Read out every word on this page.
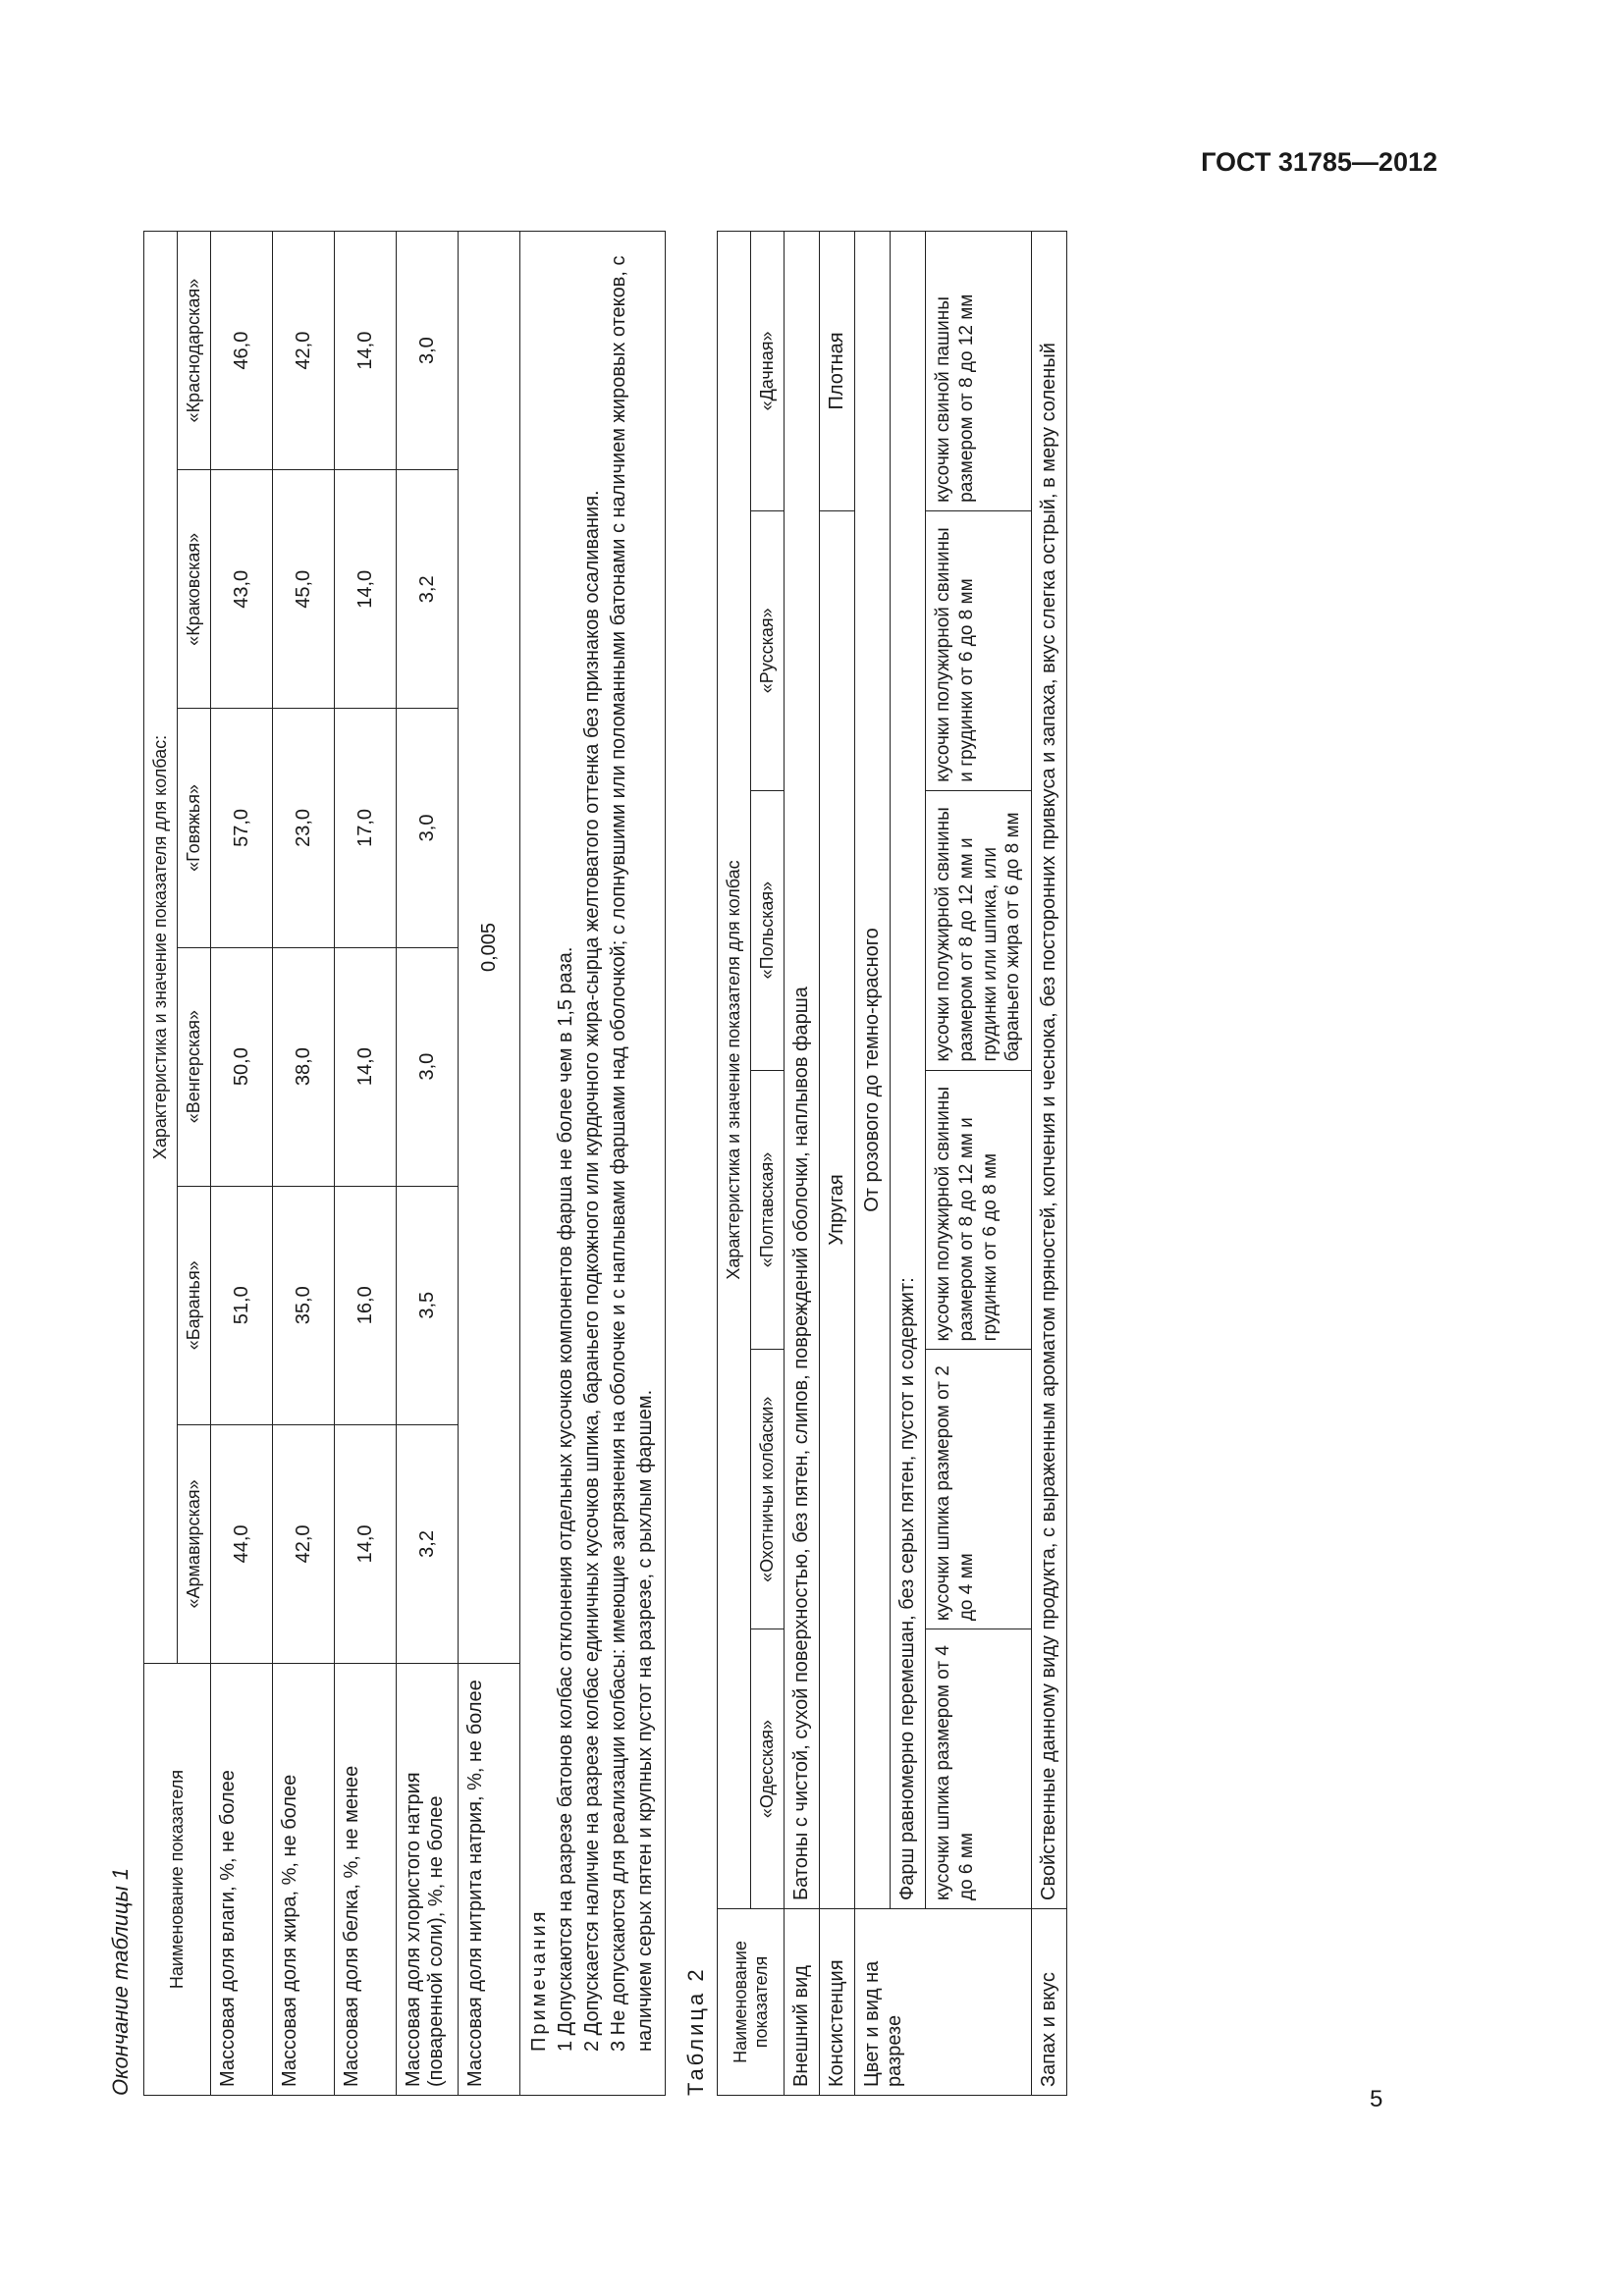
ГОСТ 31785—2012
Окончание таблицы 1 Наименование показателя	Характеристика и значение показателя для колбас:					
	«Армавирская»	«Баранья»	«Венгерская»	«Говяжья»	«Краковская»	«Краснодарская»
Массовая доля влаги, %, не более	44,0	51,0	50,0	57,0	43,0	46,0
Массовая доля жира, %, не более	42,0	35,0	38,0	23,0	45,0	42,0
Массовая доля белка, %, не менее	14,0	16,0	14,0	17,0	14,0	14,0
Массовая доля хлористого натрия (поваренной соли), %, не более	3,2	3,5	3,0	3,0	3,2	3,0
Массовая доля нитрита натрия, %, не более	0,005					
Примечания 1 Допускаются на разрезе батонов колбас отклонения отдельных кусочков компонентов фарша не более чем в 1,5 раза. 2 Допускается наличие на разрезе колбас единичных кусочков шпика, бараньего подкожного или курдючного жира-сырца желтоватого оттенка без признаков осаливания. 3 Не допускаются для реализации колбасы: имеющие загрязнения на оболочке и с наплывами фаршами над оболочкой; с лопнувшими или поломанными батонами с наличием жировых отеков, с наличием серых пятен и крупных пустот на разрезе, с рыхлым фаршем. Таблица 2 Наименование показателя	Характеристика и значение показателя для колбас					
	«Одесская»	«Охотничьи колбаски»	«Полтавская»	«Польская»	«Русская»	«Дачная»
Внешний вид	Батоны с чистой, сухой поверхностью, без пятен, слипов, повреждений оболочки, наплывов фарша					
Консистенция	Упругая					Плотная
Цвет и вид на разрезе	От розового до темно-красного					
	Фарш равномерно перемешан, без серых пятен, пустот и содержит:					
	кусочки шпика размером от 4 до 6 мм	кусочки шпика размером от 2 до 4 мм	кусочки полужирной свинины размером от 8 до 12 мм и грудинки от 6 до 8 мм	кусочки полужирной свинины размером от 8 до 12 мм и грудинки или шпика, или бараньего жира от 6 до 8 мм	кусочки полужирной свинины и грудинки от 6 до 8 мм	кусочки свиной пашины размером от 8 до 12 мм
Запах и вкус	Свойственные данному виду продукта, с выраженным ароматом пряностей, копчения и чеснока, без посторонних привкуса и запаха, вкус слегка острый, в меру соленый					
5
